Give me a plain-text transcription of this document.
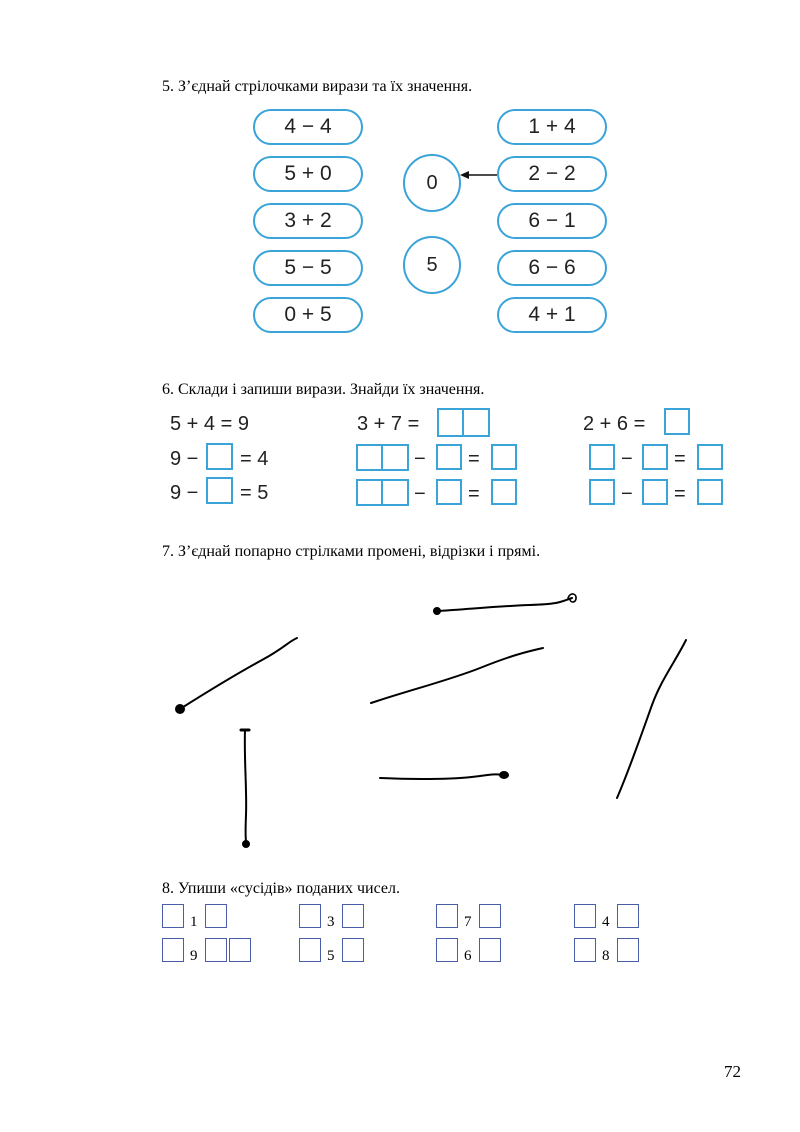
5. З’єднай стрілочками вирази та їх значення.
4 − 4
5 + 0
3 + 2
5 − 5
0 + 5
0
5
1 + 4
2 − 2
6 − 1
6 − 6
4 + 1
6. Склади і запиши вирази. Знайди їх значення.
5 + 4 = 9
9 − = 4
9 − = 5
3 + 7 =
− =
− =
2 + 6 =
− =
− =
7. З’єднай попарно стрілками промені, відрізки і прямі.
8. Упиши «сусідів» поданих чисел.
1	3	7	4
9	5	6	8
72
